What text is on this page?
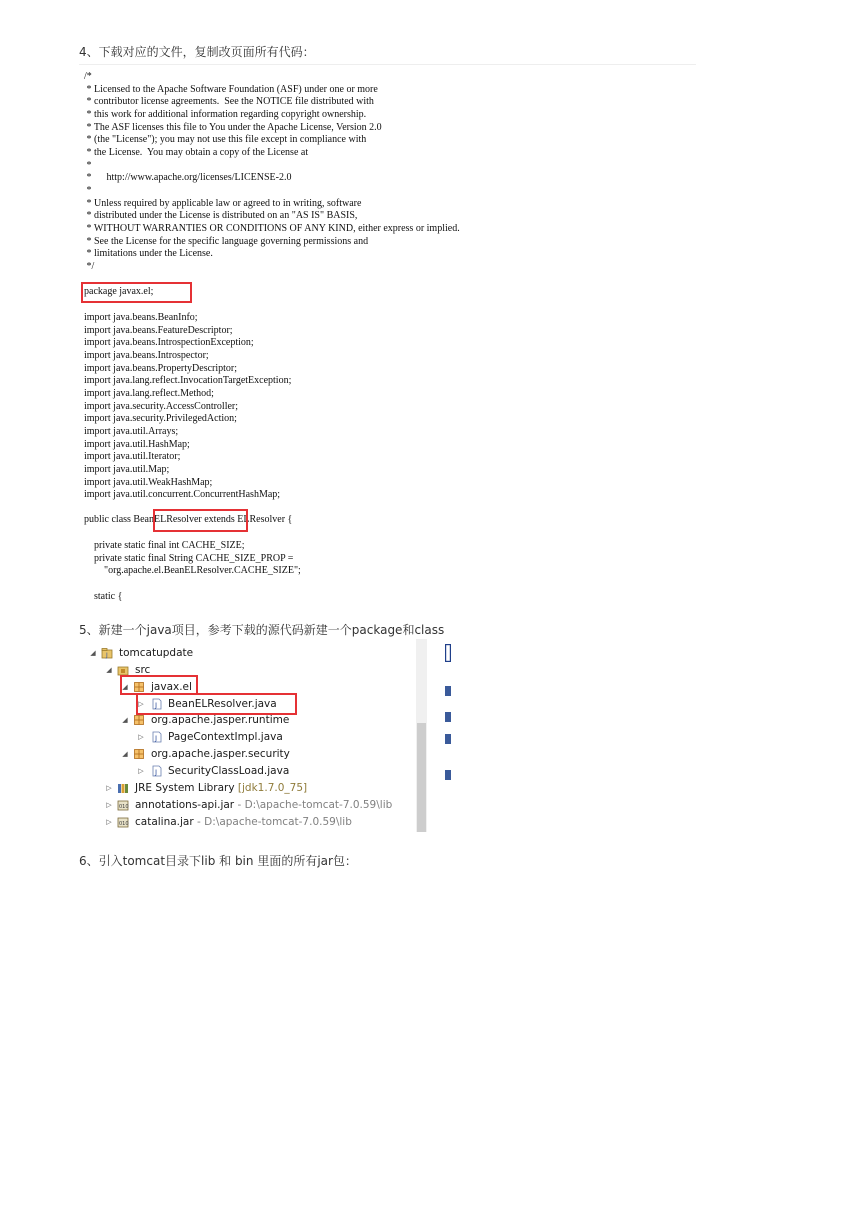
4、下载对应的文件，复制改页面所有代码：
/*
* Licensed to the Apache Software Foundation (ASF) under one or more
* contributor license agreements.  See the NOTICE file distributed with
* this work for additional information regarding copyright ownership.
* The ASF licenses this file to You under the Apache License, Version 2.0
* (the "License"); you may not use this file except in compliance with
* the License.  You may obtain a copy of the License at
*
*      http://www.apache.org/licenses/LICENSE-2.0
*
* Unless required by applicable law or agreed to in writing, software
* distributed under the License is distributed on an "AS IS" BASIS,
* WITHOUT WARRANTIES OR CONDITIONS OF ANY KIND, either express or implied.
* See the License for the specific language governing permissions and
* limitations under the License.
*/
package javax.el;
import java.beans.BeanInfo;
import java.beans.FeatureDescriptor;
import java.beans.IntrospectionException;
import java.beans.Introspector;
import java.beans.PropertyDescriptor;
import java.lang.reflect.InvocationTargetException;
import java.lang.reflect.Method;
import java.security.AccessController;
import java.security.PrivilegedAction;
import java.util.Arrays;
import java.util.HashMap;
import java.util.Iterator;
import java.util.Map;
import java.util.WeakHashMap;
import java.util.concurrent.ConcurrentHashMap;
public class BeanELResolver extends ELResolver {
private static final int CACHE_SIZE;
private static final String CACHE_SIZE_PROP =
"org.apache.el.BeanELResolver.CACHE_SIZE";

static {
5、新建一个java项目，参考下载的源代码新建一个package和class
◢ J tomcatupdate
◢ src
◢ javax.el
▷ J BeanELResolver.java
◢ org.apache.jasper.runtime
▷ J PageContextImpl.java
◢ org.apache.jasper.security
▷ J SecurityClassLoad.java
▷ JRE System Library [jdk1.7.0_75]
▷ 010 annotations-api.jar - D:\apache-tomcat-7.0.59\lib
▷ 010 catalina.jar - D:\apache-tomcat-7.0.59\lib
6、引入tomcat目录下lib 和 bin 里面的所有jar包：
